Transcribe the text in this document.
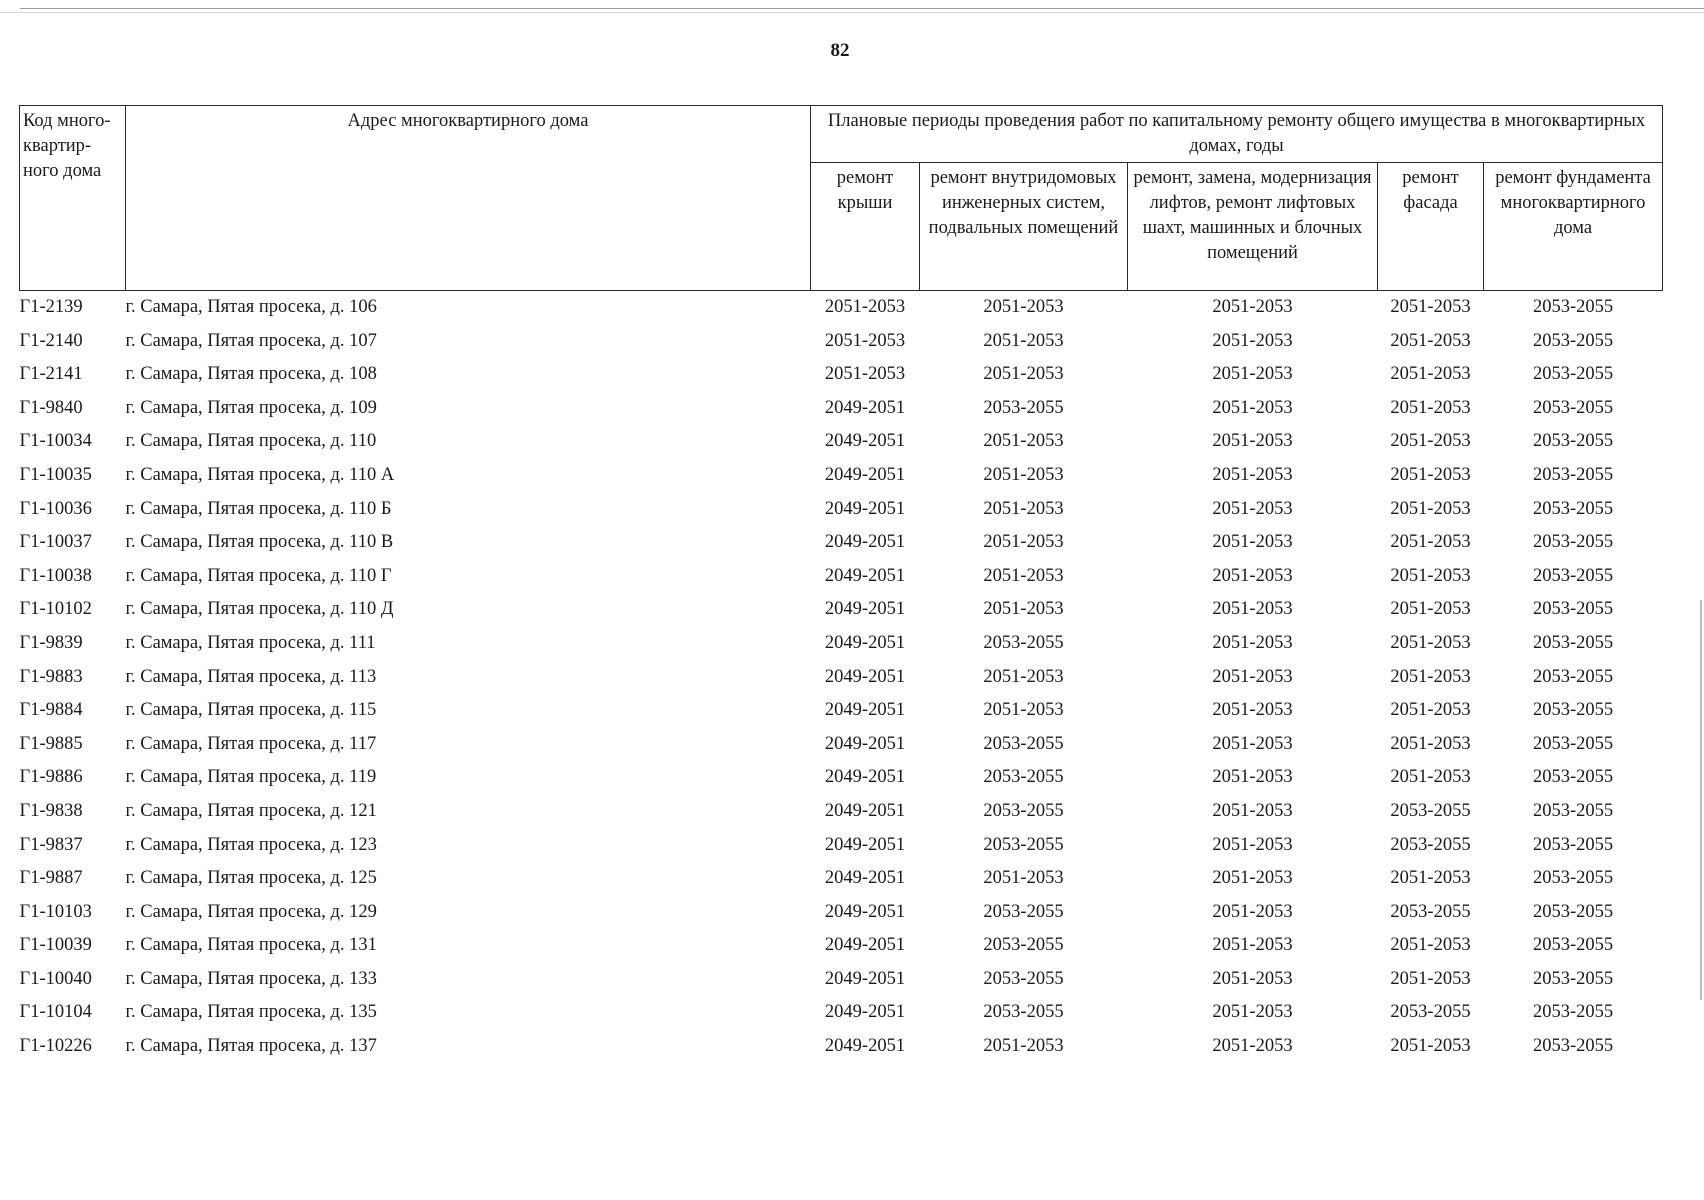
82
Код много-квартир-ного дома	Адрес многоквартирного дома	Плановые периоды проведения работ по капитальному ремонту общего имущества в многоквартирных домах, годы				
		ремонт крыши	ремонт внутридомовых инженерных систем, подвальных помещений	ремонт, замена, модернизация лифтов, ремонт лифтовых шахт, машинных и блочных помещений	ремонт фасада	ремонт фундамента многоквартирного дома
Г1-2139	г. Самара, Пятая просека, д. 106	2051-2053	2051-2053	2051-2053	2051-2053	2053-2055
Г1-2140	г. Самара, Пятая просека, д. 107	2051-2053	2051-2053	2051-2053	2051-2053	2053-2055
Г1-2141	г. Самара, Пятая просека, д. 108	2051-2053	2051-2053	2051-2053	2051-2053	2053-2055
Г1-9840	г. Самара, Пятая просека, д. 109	2049-2051	2053-2055	2051-2053	2051-2053	2053-2055
Г1-10034	г. Самара, Пятая просека, д. 110	2049-2051	2051-2053	2051-2053	2051-2053	2053-2055
Г1-10035	г. Самара, Пятая просека, д. 110 А	2049-2051	2051-2053	2051-2053	2051-2053	2053-2055
Г1-10036	г. Самара, Пятая просека, д. 110 Б	2049-2051	2051-2053	2051-2053	2051-2053	2053-2055
Г1-10037	г. Самара, Пятая просека, д. 110 В	2049-2051	2051-2053	2051-2053	2051-2053	2053-2055
Г1-10038	г. Самара, Пятая просека, д. 110 Г	2049-2051	2051-2053	2051-2053	2051-2053	2053-2055
Г1-10102	г. Самара, Пятая просека, д. 110 Д	2049-2051	2051-2053	2051-2053	2051-2053	2053-2055
Г1-9839	г. Самара, Пятая просека, д. 111	2049-2051	2053-2055	2051-2053	2051-2053	2053-2055
Г1-9883	г. Самара, Пятая просека, д. 113	2049-2051	2051-2053	2051-2053	2051-2053	2053-2055
Г1-9884	г. Самара, Пятая просека, д. 115	2049-2051	2051-2053	2051-2053	2051-2053	2053-2055
Г1-9885	г. Самара, Пятая просека, д. 117	2049-2051	2053-2055	2051-2053	2051-2053	2053-2055
Г1-9886	г. Самара, Пятая просека, д. 119	2049-2051	2053-2055	2051-2053	2051-2053	2053-2055
Г1-9838	г. Самара, Пятая просека, д. 121	2049-2051	2053-2055	2051-2053	2053-2055	2053-2055
Г1-9837	г. Самара, Пятая просека, д. 123	2049-2051	2053-2055	2051-2053	2053-2055	2053-2055
Г1-9887	г. Самара, Пятая просека, д. 125	2049-2051	2051-2053	2051-2053	2051-2053	2053-2055
Г1-10103	г. Самара, Пятая просека, д. 129	2049-2051	2053-2055	2051-2053	2053-2055	2053-2055
Г1-10039	г. Самара, Пятая просека, д. 131	2049-2051	2053-2055	2051-2053	2051-2053	2053-2055
Г1-10040	г. Самара, Пятая просека, д. 133	2049-2051	2053-2055	2051-2053	2051-2053	2053-2055
Г1-10104	г. Самара, Пятая просека, д. 135	2049-2051	2053-2055	2051-2053	2053-2055	2053-2055
Г1-10226	г. Самара, Пятая просека, д. 137	2049-2051	2051-2053	2051-2053	2051-2053	2053-2055
